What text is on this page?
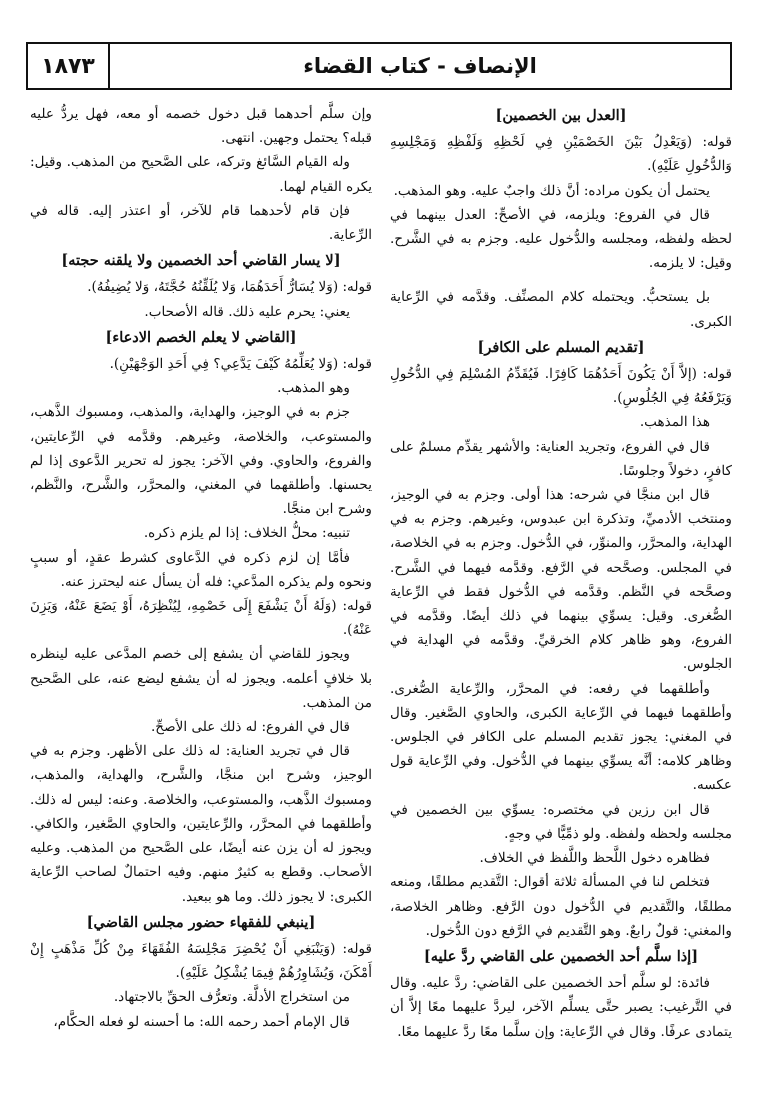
١٨٧٣	الإنصاف - كتاب القضاء

[العدل بين الخصمين]

قوله: (وَيَعْدِلُ بَيْنَ الخَصْمَيْنِ فِي لَحْظِهِ وَلَفْظِهِ وَمَجْلِسِهِ وَالدُّخُولِ عَلَيْهِ).

يحتمل أن يكون مراده: أنَّ ذلك واجبٌ عليه. وهو المذهب.

قال في الفروع: ويلزمه، في الأصحِّ: العدل بينهما في لحظه ولفظه، ومجلسه والدُّخول عليه. وجزم به في الشَّرح. وقيل: لا يلزمه.

بل يستحبُّ. ويحتمله كلام المصنِّف. وقدَّمه في الرِّعاية الكبرى.

[تقديم المسلم على الكافر]

قوله: (إلاَّ أَنْ يَكُونَ أَحَدُهُمَا كَافِرًا. فَيُقَدِّمُ المُسْلِمَ فِي الدُّخُولِ وَيَرْفَعُهُ فِي الجُلُوسِ).

هذا المذهب.

قال في الفروع، وتجريد العناية: والأشهر يقدِّم مسلمٌ على كافرٍ، دخولاً وجلوسًا.

قال ابن منجَّا في شرحه: هذا أولى. وجزم به في الوجيز، ومنتخب الأدميِّ، وتذكرة ابن عبدوس، وغيرهم. وجزم به في الهداية، والمحرَّر، والمنوِّر، في الدُّخول. وجزم به في الخلاصة، في المجلس. وصحَّحه في الرَّفع. وقدَّمه فيهما في الشَّرح. وصحَّحه في النَّظم. وقدَّمه في الدُّخول فقط في الرِّعاية الصُّغرى. وقيل: يسوِّي بينهما في ذلك أيضًا. وقدَّمه في الفروع، وهو ظاهر كلام الخرقيِّ. وقدَّمه في الهداية في الجلوس.

وأطلقهما في رفعه: في المحرَّر، والرِّعاية الصُّغرى. وأطلقهما فيهما في الرِّعاية الكبرى، والحاوي الصَّغير. وقال في المغني: يجوز تقديم المسلم على الكافر في الجلوس. وظاهر كلامه: أنَّه يسوِّي بينهما في الدُّخول. وفي الرِّعاية قول عكسه.

قال ابن رزين في مختصره: يسوِّي بين الخصمين في مجلسه ولحظه ولفظه. ولو ذمِّيًّا في وجهٍ.

فظاهره دخول اللَّحظ واللَّفظ في الخلاف.

فتخلص لنا في المسألة ثلاثة أقوال: التَّقديم مطلقًا، ومنعه مطلقًا، والتَّقديم في الدُّخول دون الرَّفع. وظاهر الخلاصة، والمغني: قولٌ رابعٌ. وهو التَّقديم في الرَّفع دون الدُّخول.

[إذا سلَّم أحد الخصمين على القاضي ردَّ عليه]

فائدة: لو سلَّم أحد الخصمين على القاضي: ردَّ عليه. وقال في التَّرغيب: يصبر حتَّى يسلِّم الآخر، ليردَّ عليهما معًا إلاَّ أن يتمادى عرفًا. وقال في الرِّعاية: وإن سلَّما معًا ردَّ عليهما معًا.

وإن سلَّم أحدهما قبل دخول خصمه أو معه، فهل يردُّ عليه قبله؟ يحتمل وجهين. انتهى.

وله القيام السَّائغ وتركه، على الصَّحيح من المذهب. وقيل: يكره القيام لهما.

فإن قام لأحدهما قام للآخر، أو اعتذر إليه. قاله في الرِّعاية.

[لا يسار القاضي أحد الخصمين ولا يلقنه حجته]

قوله: (وَلا يُسَارُّ أَحَدَهُمَا، وَلا يُلَقِّنُهُ حُجَّتَهُ، وَلا يُضِيفُهُ).

يعني: يحرم عليه ذلك. قاله الأصحاب.

[القاضي لا يعلم الخصم الادعاء]

قوله: (وَلا يُعَلِّمُهُ كَيْفَ يَدَّعِي؟ فِي أَحَدِ الوَجْهَيْنِ).

وهو المذهب.

جزم به في الوجيز، والهداية، والمذهب، ومسبوك الذَّهب، والمستوعب، والخلاصة، وغيرهم. وقدَّمه في الرِّعايتين، والفروع، والحاوي. وفي الآخر: يجوز له تحرير الدَّعوى إذا لم يحسنها. وأطلقهما في المغني، والمحرَّر، والشَّرح، والنَّظم، وشرح ابن منجَّا.

تنبيه: محلُّ الخلاف: إذا لم يلزم ذكره.

فأمَّا إن لزم ذكره في الدَّعاوى كشرط عقدٍ، أو سببٍ ونحوه ولم يذكره المدَّعي: فله أن يسأل عنه ليحترز عنه.

قوله: (وَلَهُ أَنْ يَشْفَعَ إِلَى خَصْمِهِ، لِيُنْظِرَهُ، أَوْ يَضَعَ عَنْهُ، وَيَزِنَ عَنْهُ).

ويجوز للقاضي أن يشفع إلى خصم المدَّعى عليه لينظره بلا خلافٍ أعلمه. ويجوز له أن يشفع ليضع عنه، على الصَّحيح من المذهب.

قال في الفروع: له ذلك على الأصحِّ.

قال في تجريد العناية: له ذلك على الأظهر. وجزم به في الوجيز، وشرح ابن منجَّا، والشَّرح، والهداية، والمذهب، ومسبوك الذَّهب، والمستوعب، والخلاصة. وعنه: ليس له ذلك. وأطلقهما في المحرَّر، والرِّعايتين، والحاوي الصَّغير، والكافي. ويجوز له أن يزن عنه أيضًا، على الصَّحيح من المذهب. وعليه الأصحاب. وقطع به كثيرٌ منهم. وفيه احتمالٌ لصاحب الرِّعاية الكبرى: لا يجوز ذلك. وما هو ببعيد.

[ينبغي للفقهاء حضور مجلس القاضي]

قوله: (وَيَنْبَغِي أَنْ يُحْضِرَ مَجْلِسَهُ الفُقَهَاءَ مِنْ كُلِّ مَذْهَبٍ إِنْ أَمْكَنَ، وَيُشَاوِرُهُمْ فِيمَا يُشْكِلُ عَلَيْهِ).

من استخراج الأدلَّة. وتعرُّف الحقِّ بالاجتهاد.

قال الإمام أحمد رحمه الله: ما أحسنه لو فعله الحكَّام،
